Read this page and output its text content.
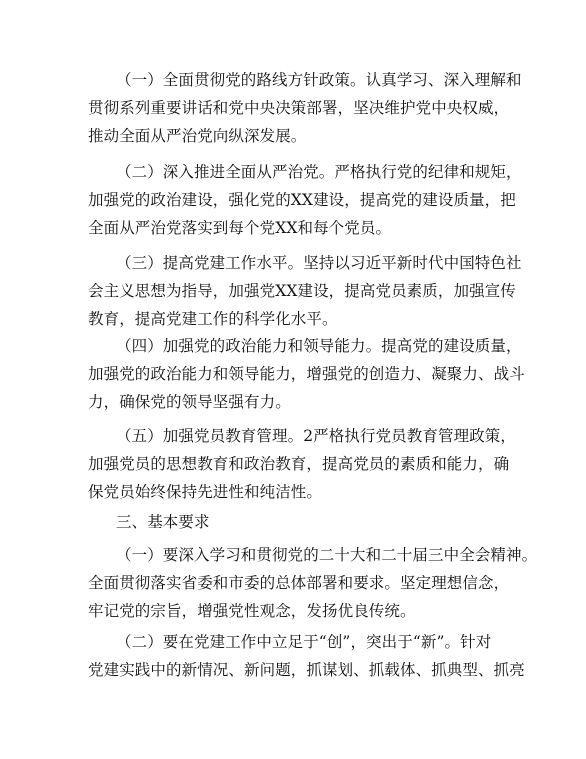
（一）全面贯彻党的路线方针政策。认真学习、深入理解和
贯彻系列重要讲话和党中央决策部署，坚决维护党中央权威，
推动全面从严治党向纵深发展。
（二）深入推进全面从严治党。严格执行党的纪律和规矩，
加强党的政治建设，强化党的XX建设，提高党的建设质量，把
全面从严治党落实到每个党XX和每个党员。
（三）提高党建工作水平。坚持以习近平新时代中国特色社
会主义思想为指导，加强党XX建设，提高党员素质，加强宣传
教育，提高党建工作的科学化水平。
（四）加强党的政治能力和领导能力。提高党的建设质量，
加强党的政治能力和领导能力，增强党的创造力、凝聚力、战斗
力，确保党的领导坚强有力。
（五）加强党员教育管理。2严格执行党员教育管理政策，
加强党员的思想教育和政治教育，提高党员的素质和能力，确
保党员始终保持先进性和纯洁性。
三、基本要求
（一）要深入学习和贯彻党的二十大和二十届三中全会精神。
全面贯彻落实省委和市委的总体部署和要求。坚定理想信念，
牢记党的宗旨，增强党性观念，发扬优良传统。
（二）要在党建工作中立足于“创”，突出于“新”。针对
党建实践中的新情况、新问题，抓谋划、抓载体、抓典型、抓亮
